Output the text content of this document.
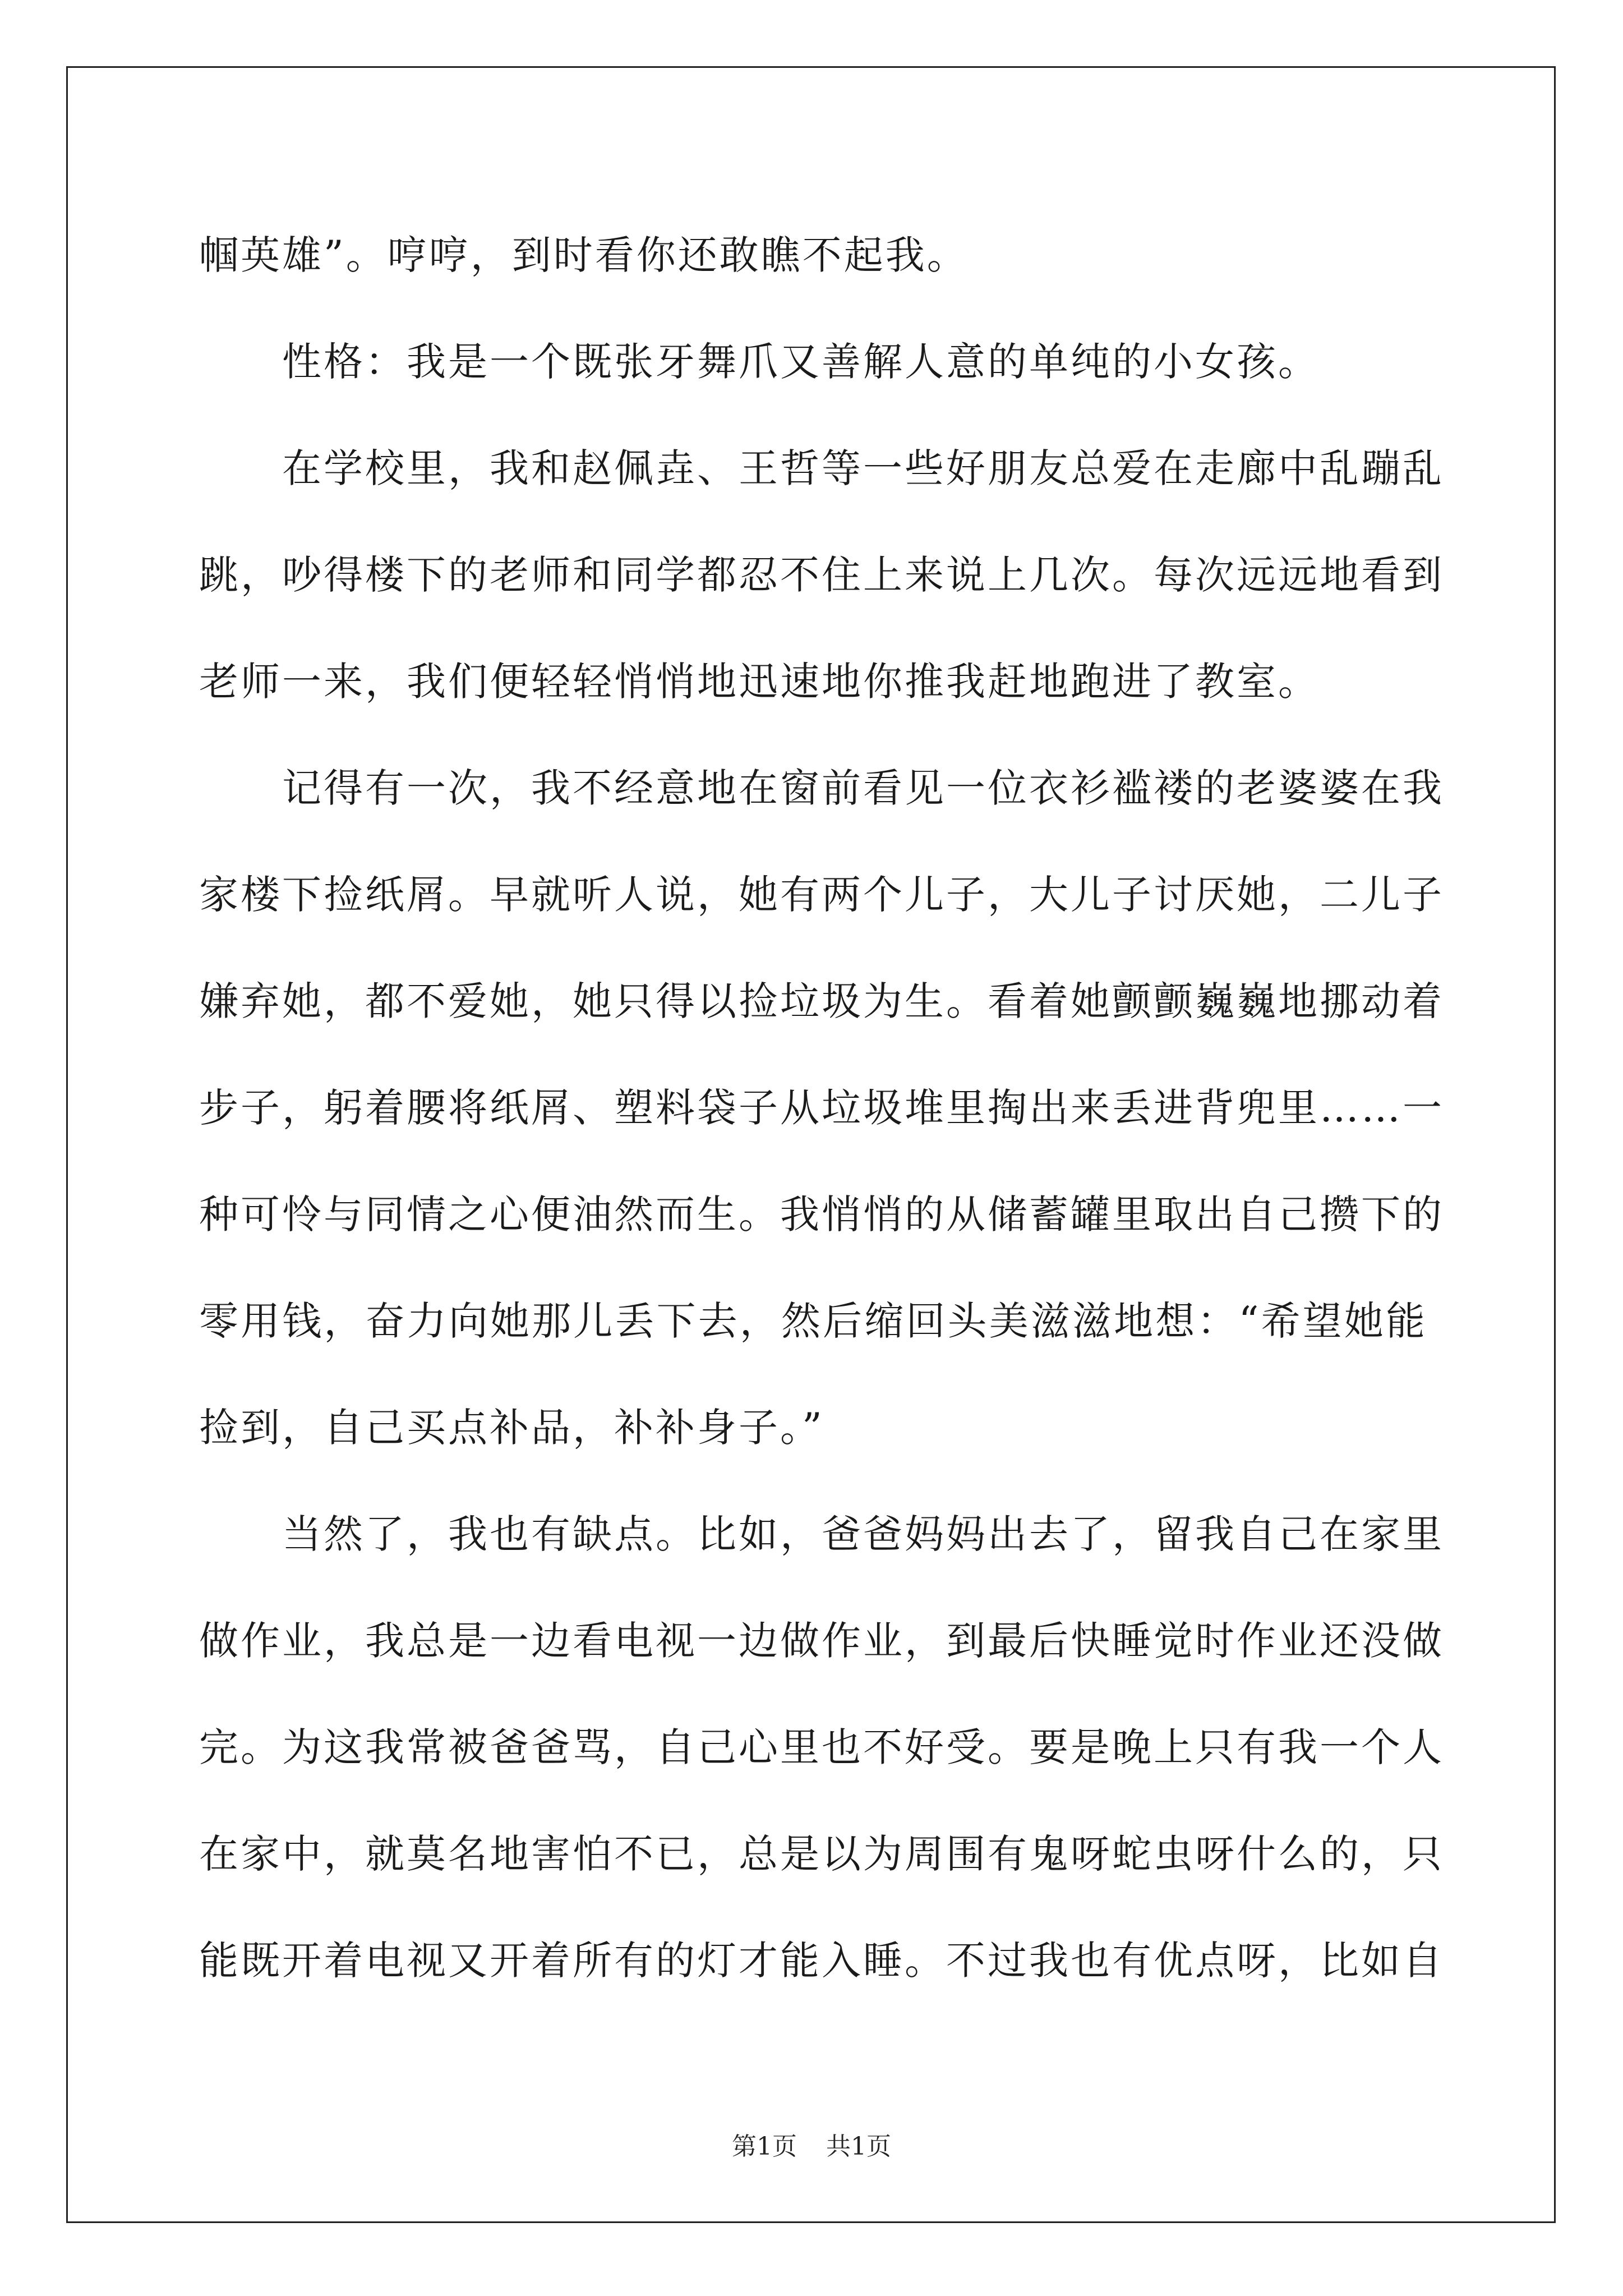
帼英雄”。哼哼，到时看你还敢瞧不起我。
性格：我是一个既张牙舞爪又善解人意的单纯的小女孩。
在学校里，我和赵佩垚、王哲等一些好朋友总爱在走廊中乱蹦乱
跳，吵得楼下的老师和同学都忍不住上来说上几次。每次远远地看到
老师一来，我们便轻轻悄悄地迅速地你推我赶地跑进了教室。
记得有一次，我不经意地在窗前看见一位衣衫褴褛的老婆婆在我
家楼下捡纸屑。早就听人说，她有两个儿子，大儿子讨厌她，二儿子
嫌弃她，都不爱她，她只得以捡垃圾为生。看着她颤颤巍巍地挪动着
步子，躬着腰将纸屑、塑料袋子从垃圾堆里掏出来丢进背兜里……一
种可怜与同情之心便油然而生。我悄悄的从储蓄罐里取出自己攒下的
零用钱，奋力向她那儿丢下去，然后缩回头美滋滋地想：“希望她能
捡到，自己买点补品，补补身子。”
当然了，我也有缺点。比如，爸爸妈妈出去了，留我自己在家里
做作业，我总是一边看电视一边做作业，到最后快睡觉时作业还没做
完。为这我常被爸爸骂，自己心里也不好受。要是晚上只有我一个人
在家中，就莫名地害怕不已，总是以为周围有鬼呀蛇虫呀什么的，只
能既开着电视又开着所有的灯才能入睡。不过我也有优点呀，比如自
第1页 共1页
